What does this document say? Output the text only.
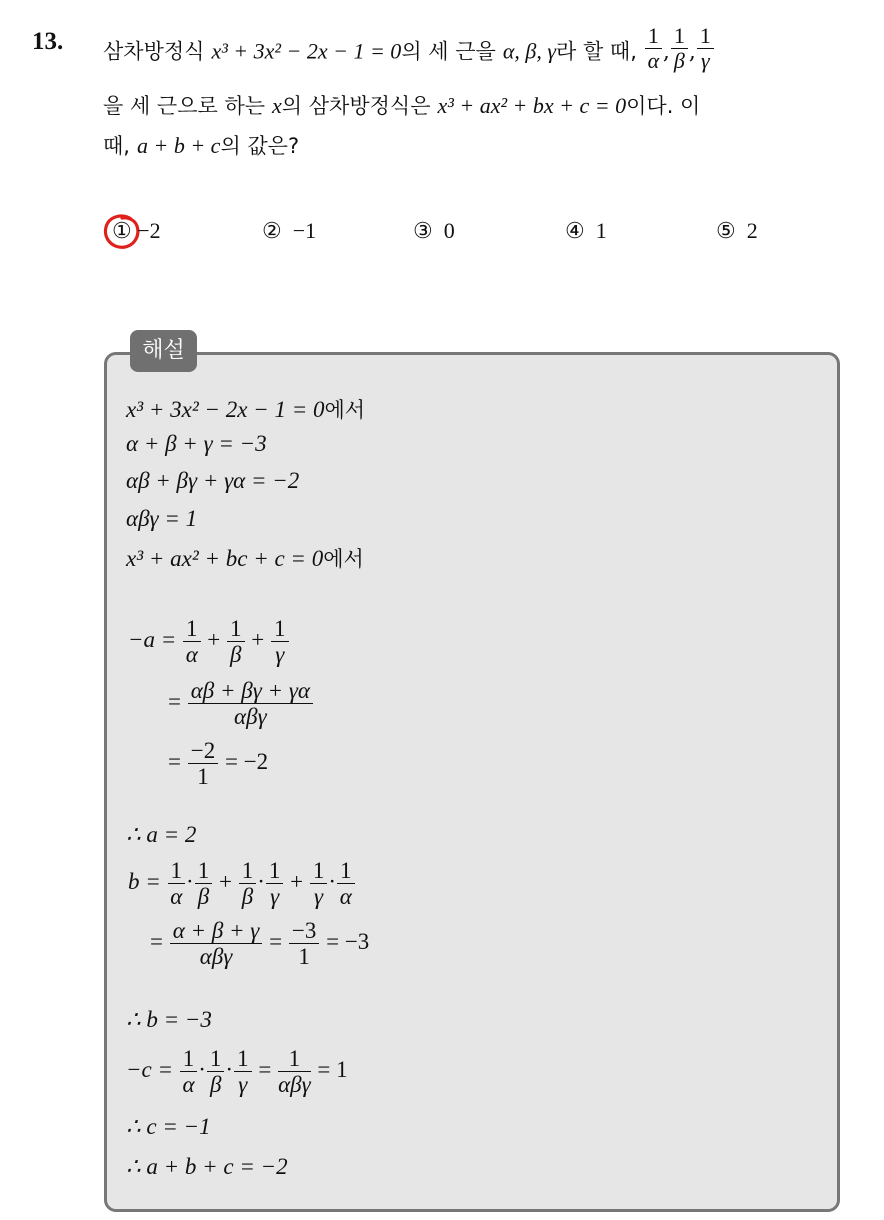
13. 삼차방정식 x³ + 3x² − 2x − 1 = 0의 세 근을 α, β, γ라 할 때, $\frac{1}{\alpha}$ , $\frac{1}{\beta}$ , $\frac{1}{\gamma}$
을 세 근으로 하는 x의 삼차방정식은 x³ + ax² + bx + c = 0이다. 이
때, a + b + c의 값은?
① −2	② −1	③ 0	④ 1	⑤ 2
해설
x³ + 3x² − 2x − 1 = 0에서
α + β + γ = −3
αβ + βγ + γα = −2
αβγ = 1
x³ + ax² + bc + c = 0에서
$-a = \frac{1}{\alpha} + \frac{1}{\beta} + \frac{1}{\gamma}$
= $\frac{\alpha\beta + \beta\gamma + \gamma\alpha}{\text{αβγ}}$
= $\frac{-2}{1} = -2$
∴ a = 2
$b = \frac{1}{\alpha} \cdot \frac{1}{\beta} + \frac{1}{\beta} \cdot \frac{1}{\gamma} + \frac{1}{\gamma} \cdot \frac{1}{\alpha}$
= $\frac{\alpha + \beta + \gamma}{\text{αβγ}} = \frac{-3}{1} = -3$
∴ b = −3
$-c = \frac{1}{\alpha} \cdot \frac{1}{\beta} \cdot \frac{1}{\gamma} = \frac{1}{\text{αβγ}} = 1$
∴ c = −1
∴ a + b + c = −2
